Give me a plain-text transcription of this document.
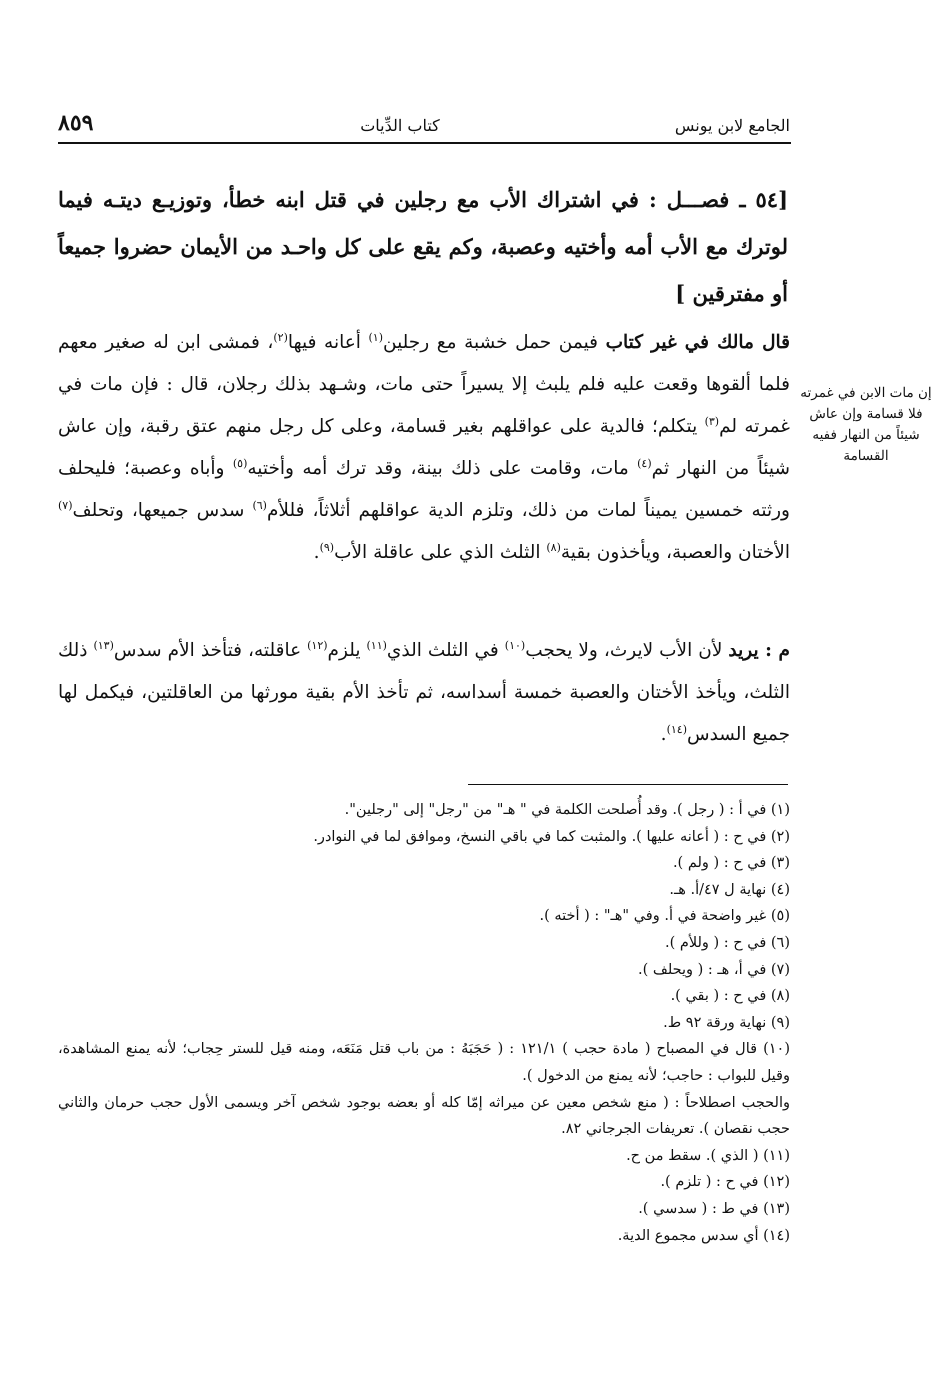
الجامع لابن يونس
كتاب الدِّيات
٨٥٩
[٥٤ ـ فصـــل : في اشتراك الأب مع رجلين في قتل ابنه خطأ، وتوزيـع ديتـه فيما لوترك مع الأب أمه وأختيه وعصبة، وكم يقع على كل واحـد من الأيمان حضروا جميعاً أو مفترقين ]
إن مات الابن في غمرته فلا قسامة وإن عاش شيئاً من النهار ففيه القسامة
قال مالك في غير كتاب فيمن حمل خشبة مع رجلين$^{(١)}$ أعانه فيها$^{(٢)}$، فمشى ابن له صغير معهم فلما ألقوها وقعت عليه فلم يلبث إلا يسيراً حتى مات، وشـهد بذلك رجلان، قال : فإن مات في غمرته لم$^{(٣)}$ يتكلم؛ فالدية على عواقلهم بغير قسامة، وعلى كل رجل منهم عتق رقبة، وإن عاش شيئاً من النهار ثم$^{(٤)}$ مات، وقامت على ذلك بينة، وقد ترك أمه وأختيه$^{(٥)}$ وأباه وعصبة؛ فليحلف ورثته خمسين يميناً لمات من ذلك، وتلزم الدية عواقلهم أثلاثاً، فللأم$^{(٦)}$ سدس جميعها، وتحلف$^{(٧)}$ الأختان والعصبة، ويأخذون بقية$^{(٨)}$ الثلث الذي على عاقلة الأب$^{(٩)}$.
م : يريد لأن الأب لايرث، ولا يحجب$^{(١٠)}$ في الثلث الذي$^{(١١)}$ يلزم$^{(١٢)}$ عاقلته، فتأخذ الأم سدس$^{(١٣)}$ ذلك الثلث، ويأخذ الأختان والعصبة خمسة أسداسه، ثم تأخذ الأم بقية مورثها من العاقلتين، فيكمل لها جميع السدس$^{(١٤)}$.
(١) في أ : ( رجل ). وقد أُصلحت الكلمة في " هـ" من "رجل" إلى "رجلين".
(٢) في ح : ( أعانه عليها ). والمثبت كما في باقي النسخ، وموافق لما في النوادر.
(٣) في ح : ( ولم ).
(٤) نهاية ل ٤٧/أ. هـ.
(٥) غير واضحة في أ. وفي "هـ" : ( أخته ).
(٦) في ح : ( وللأم ).
(٧) في أ، هـ : ( ويحلف ).
(٨) في ح : ( بقي ).
(٩) نهاية ورقة ٩٢ ط.
(١٠) قال في المصباح ( مادة حجب ) ١٢١/١ : ( حَجَبَهُ : من باب قتل مَنَعَه، ومنه قيل للستر حِجاب؛ لأنه يمنع المشاهدة، وقيل للبواب : حاجب؛ لأنه يمنع من الدخول ).
والحجب اصطلاحاً : ( منع شخص معين عن ميراثه إمّا كله أو بعضه بوجود شخص آخر ويسمى الأول حجب حرمان والثاني حجب نقصان ). تعريفات الجرجاني ٨٢.
(١١) ( الذي ). سقط من ح.
(١٢) في ح : ( تلزم ).
(١٣) في ط : ( سدسي ).
(١٤) أي سدس مجموع الدية.
